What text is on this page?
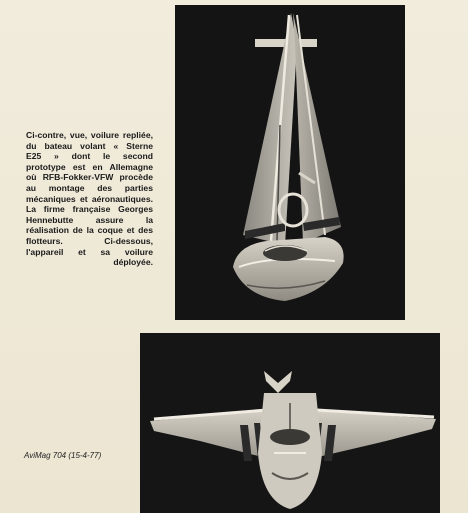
Ci-contre, vue, voilure repliée, du bateau volant « Sterne E25 » dont le second prototype est en Allemagne où RFB-Fokker-VFW procède au montage des parties mécaniques et aéronautiques. La firme française Georges Hennebutte assure la réalisation de la coque et des flotteurs. Ci-dessous, l'appareil et sa voilure déployée.

AviMag 704 (15-4-77)
